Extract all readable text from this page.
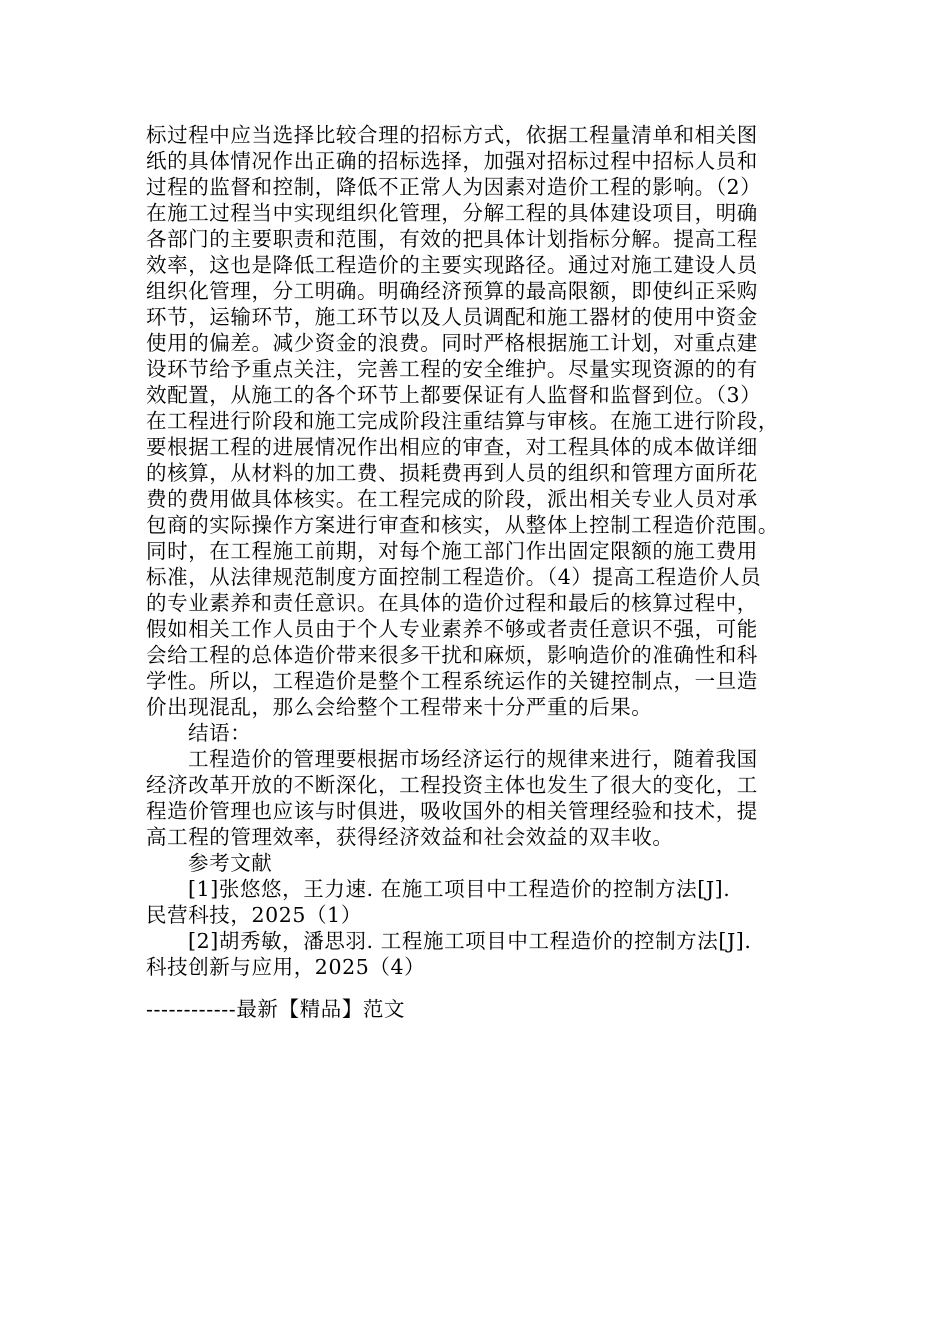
标过程中应当选择比较合理的招标方式，依据工程量清单和相关图

纸的具体情况作出正确的招标选择，加强对招标过程中招标人员和

过程的监督和控制，降低不正常人为因素对造价工程的影响。（2）

在施工过程当中实现组织化管理，分解工程的具体建设项目，明确

各部门的主要职责和范围，有效的把具体计划指标分解。提高工程

效率，这也是降低工程造价的主要实现路径。通过对施工建设人员

组织化管理，分工明确。明确经济预算的最高限额，即使纠正采购

环节，运输环节，施工环节以及人员调配和施工器材的使用中资金

使用的偏差。减少资金的浪费。同时严格根据施工计划，对重点建

设环节给予重点关注，完善工程的安全维护。尽量实现资源的的有

效配置，从施工的各个环节上都要保证有人监督和监督到位。（3）

在工程进行阶段和施工完成阶段注重结算与审核。在施工进行阶段，

要根据工程的进展情况作出相应的审查，对工程具体的成本做详细

的核算，从材料的加工费、损耗费再到人员的组织和管理方面所花

费的费用做具体核实。在工程完成的阶段，派出相关专业人员对承

包商的实际操作方案进行审查和核实，从整体上控制工程造价范围。

同时，在工程施工前期，对每个施工部门作出固定限额的施工费用

标准，从法律规范制度方面控制工程造价。（4）提高工程造价人员

的专业素养和责任意识。在具体的造价过程和最后的核算过程中，

假如相关工作人员由于个人专业素养不够或者责任意识不强，可能

会给工程的总体造价带来很多干扰和麻烦，影响造价的准确性和科

学性。所以，工程造价是整个工程系统运作的关键控制点，一旦造

价出现混乱，那么会给整个工程带来十分严重的后果。

结语：

工程造价的管理要根据市场经济运行的规律来进行，随着我国

经济改革开放的不断深化，工程投资主体也发生了很大的变化，工

程造价管理也应该与时俱进，吸收国外的相关管理经验和技术，提

高工程的管理效率，获得经济效益和社会效益的双丰收。

参考文献

[1]张悠悠，王力速. 在施工项目中工程造价的控制方法[J].

民营科技，2025（1）

[2]胡秀敏，潘思羽. 工程施工项目中工程造价的控制方法[J].

科技创新与应用，2025（4）

------------最新【精品】范文
